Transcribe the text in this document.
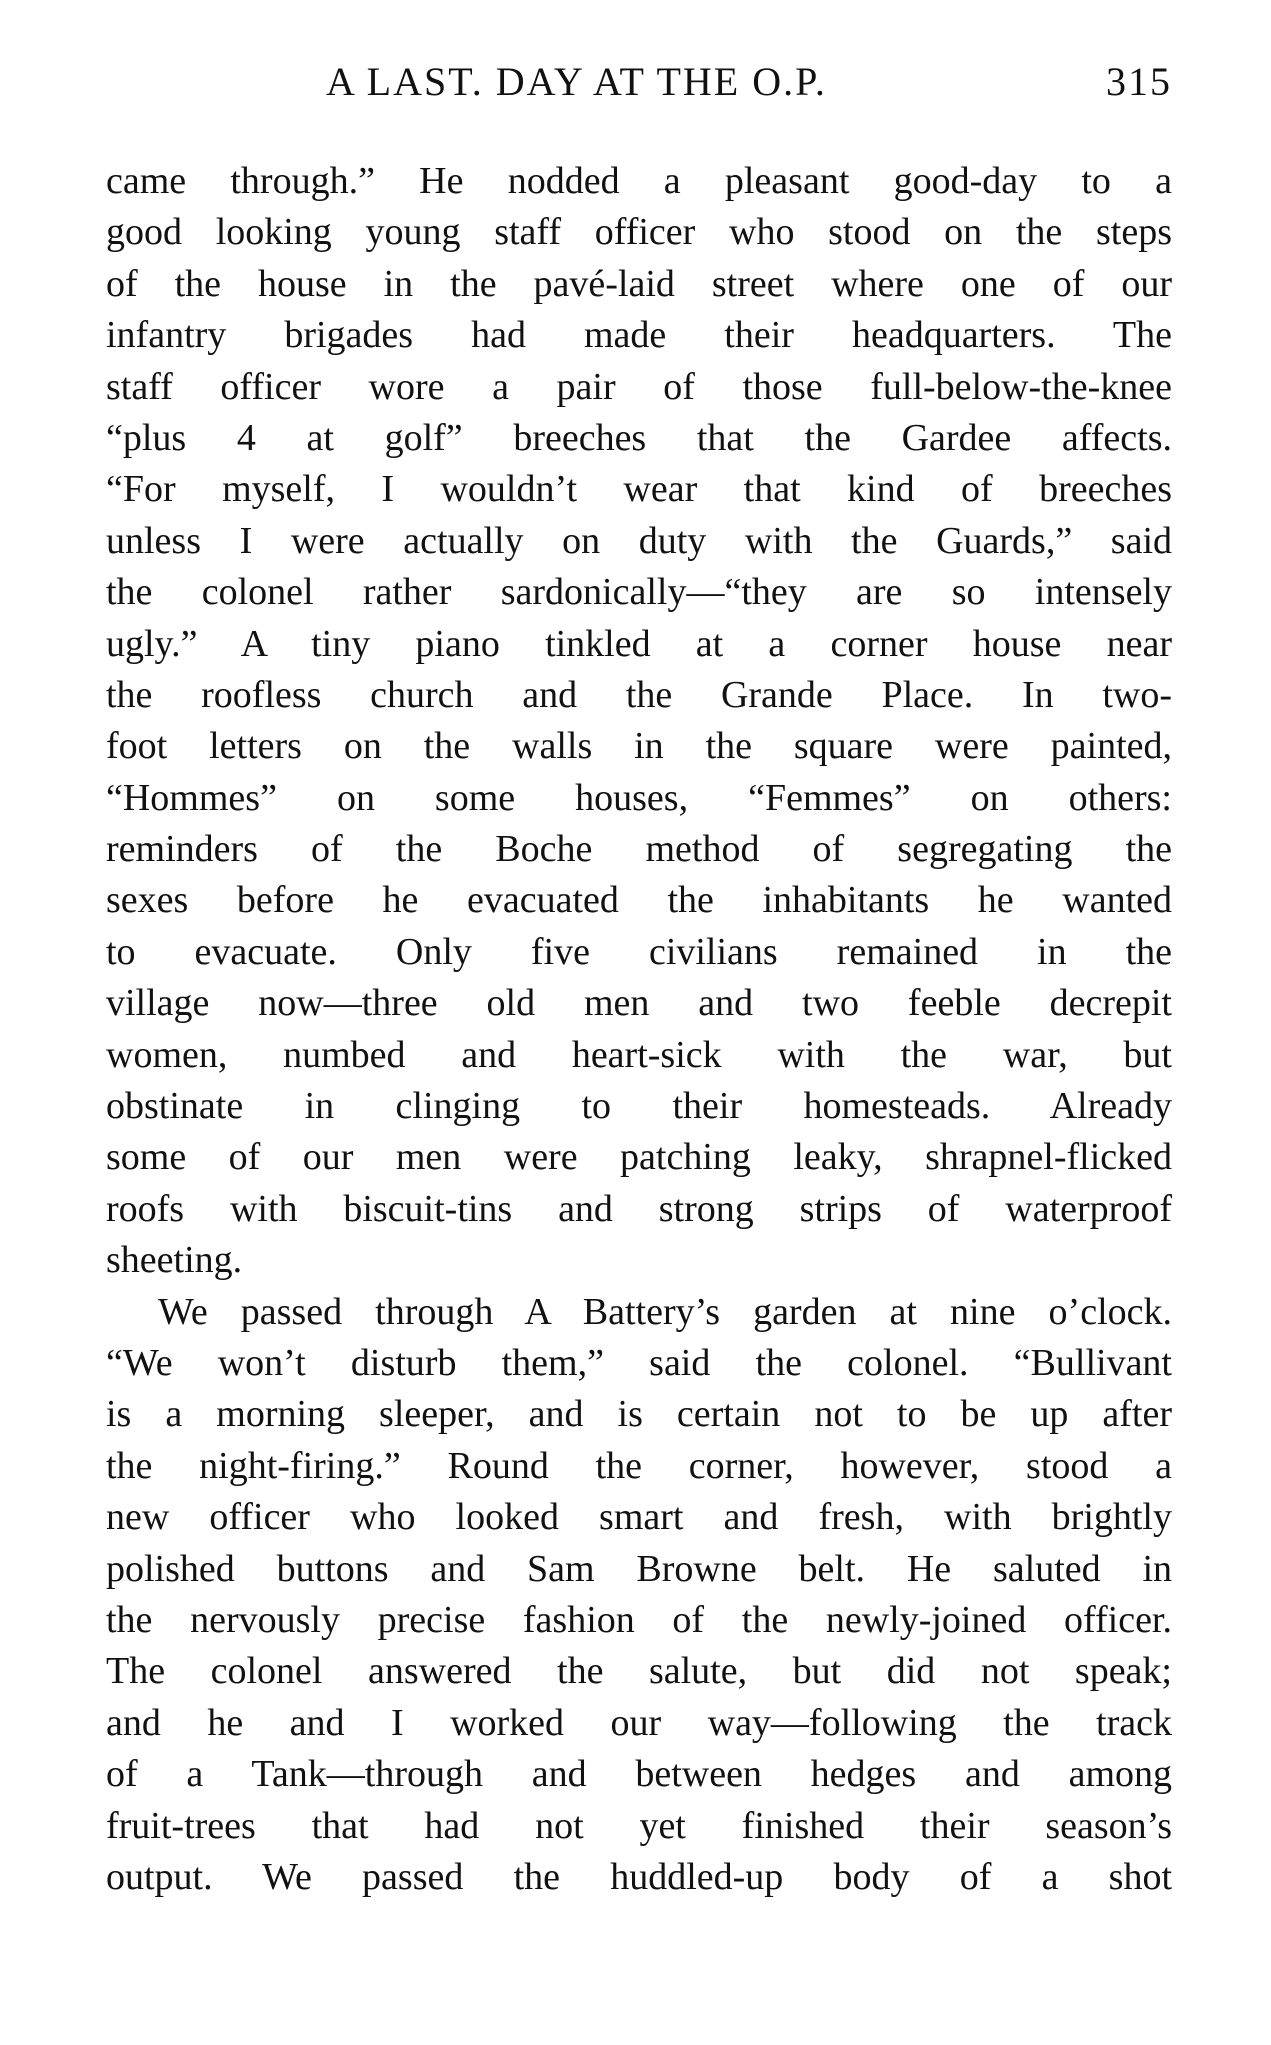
A LAST. DAY AT THE O.P.	315
came through.” He nodded a pleasant good-day to a
good looking young staff officer who stood on the steps
of the house in the pavé-laid street where one of our
infantry brigades had made their headquarters. The
staff officer wore a pair of those full-below-the-knee
“plus 4 at golf” breeches that the Gardee affects.
“For myself, I wouldn’t wear that kind of breeches
unless I were actually on duty with the Guards,” said
the colonel rather sardonically—“they are so intensely
ugly.” A tiny piano tinkled at a corner house near
the roofless church and the Grande Place. In two-
foot letters on the walls in the square were painted,
“Hommes” on some houses, “Femmes” on others:
reminders of the Boche method of segregating the
sexes before he evacuated the inhabitants he wanted
to evacuate. Only five civilians remained in the
village now—three old men and two feeble decrepit
women, numbed and heart-sick with the war, but
obstinate in clinging to their homesteads. Already
some of our men were patching leaky, shrapnel-flicked
roofs with biscuit-tins and strong strips of waterproof
sheeting.
We passed through A Battery’s garden at nine o’clock.
“We won’t disturb them,” said the colonel. “Bullivant
is a morning sleeper, and is certain not to be up after
the night-firing.” Round the corner, however, stood a
new officer who looked smart and fresh, with brightly
polished buttons and Sam Browne belt. He saluted in
the nervously precise fashion of the newly-joined officer.
The colonel answered the salute, but did not speak;
and he and I worked our way—following the track
of a Tank—through and between hedges and among
fruit-trees that had not yet finished their season’s
output. We passed the huddled-up body of a shot
